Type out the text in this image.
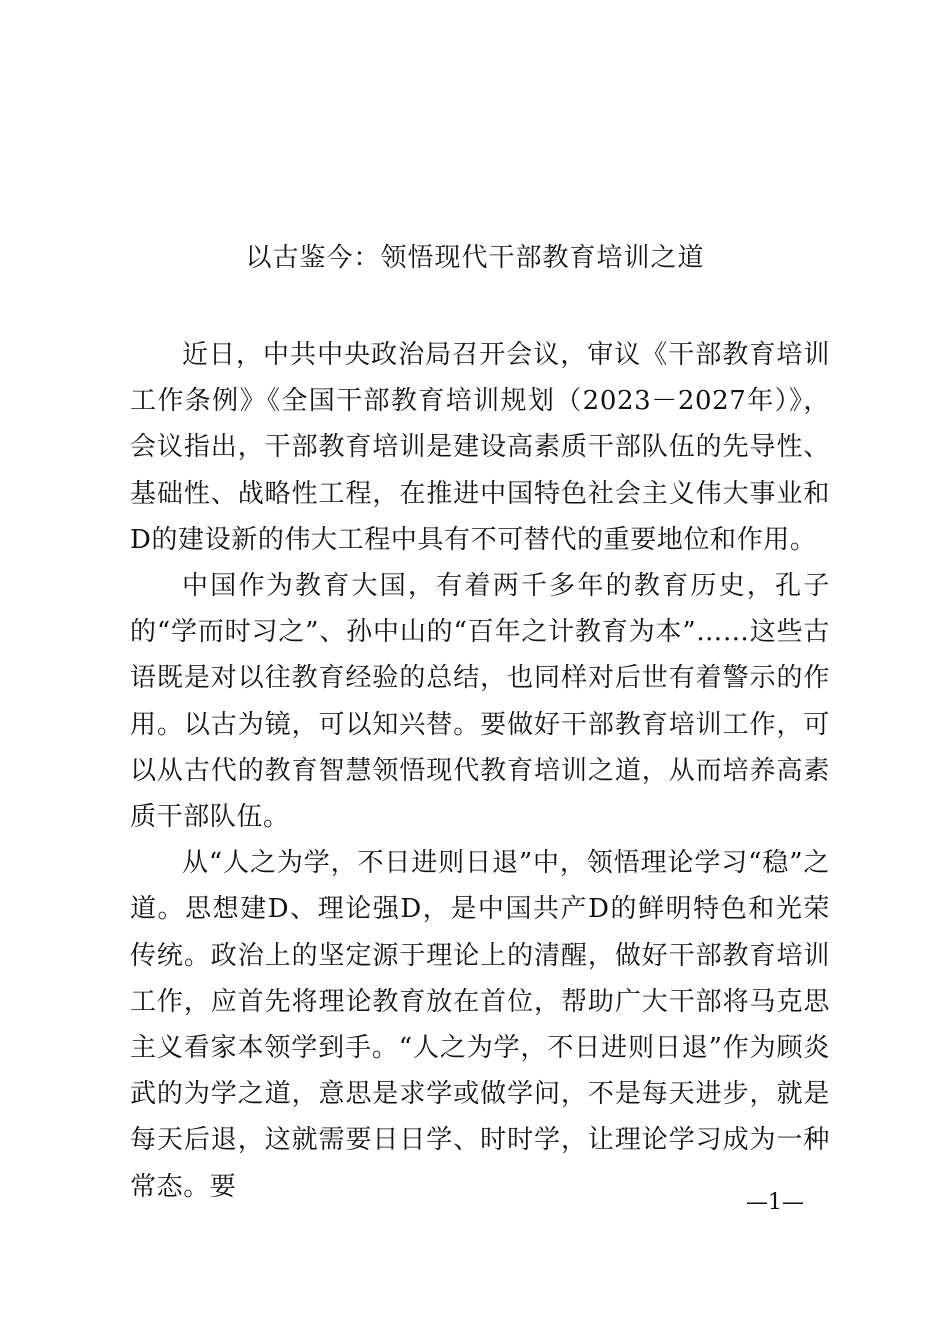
以古鉴今：领悟现代干部教育培训之道

近日，中共中央政治局召开会议，审议《干部教育培训工作条例》《全国干部教育培训规划（2023－2027年）》，会议指出，干部教育培训是建设高素质干部队伍的先导性、基础性、战略性工程，在推进中国特色社会主义伟大事业和D的建设新的伟大工程中具有不可替代的重要地位和作用。

中国作为教育大国，有着两千多年的教育历史，孔子的“学而时习之”、孙中山的“百年之计教育为本”……这些古语既是对以往教育经验的总结，也同样对后世有着警示的作用。以古为镜，可以知兴替。要做好干部教育培训工作，可以从古代的教育智慧领悟现代教育培训之道，从而培养高素质干部队伍。

从“人之为学，不日进则日退”中，领悟理论学习“稳”之道。思想建D、理论强D，是中国共产D的鲜明特色和光荣传统。政治上的坚定源于理论上的清醒，做好干部教育培训工作，应首先将理论教育放在首位，帮助广大干部将马克思主义看家本领学到手。“人之为学，不日进则日退”作为顾炎武的为学之道，意思是求学或做学问，不是每天进步，就是每天后退，这就需要日日学、时时学，让理论学习成为一种常态。要

—1—
